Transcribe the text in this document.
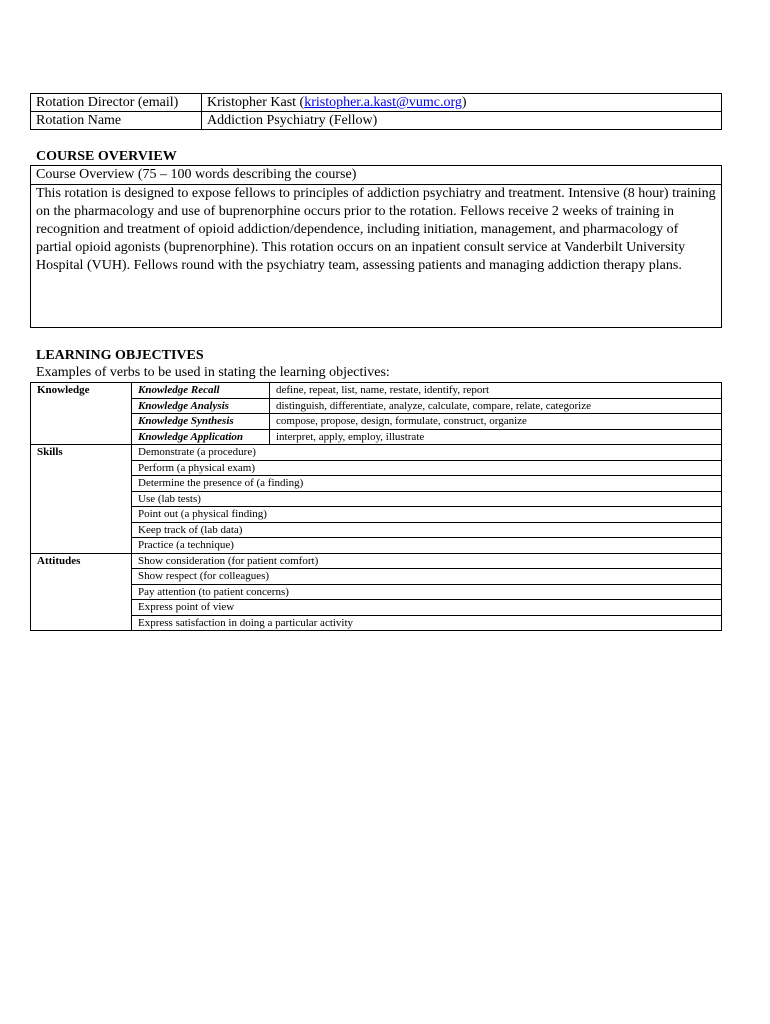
Rotation Director (email)	Kristopher Kast (kristopher.a.kast@vumc.org)
Rotation Name	Addiction Psychiatry (Fellow)
COURSE OVERVIEW
Course Overview (75 – 100 words describing the course)
This rotation is designed to expose fellows to principles of addiction psychiatry and treatment. Intensive (8 hour) training on the pharmacology and use of buprenorphine occurs prior to the rotation. Fellows receive 2 weeks of training in recognition and treatment of opioid addiction/dependence, including initiation, management, and pharmacology of partial opioid agonists (buprenorphine). This rotation occurs on an inpatient consult service at Vanderbilt University Hospital (VUH). Fellows round with the psychiatry team, assessing patients and managing addiction therapy plans.
LEARNING OBJECTIVES
Examples of verbs to be used in stating the learning objectives:
Knowledge	Knowledge Recall	define, repeat, list, name, restate, identify, report
	Knowledge Analysis	distinguish, differentiate, analyze, calculate, compare, relate, categorize
	Knowledge Synthesis	compose, propose, design, formulate, construct, organize
	Knowledge Application	interpret, apply, employ, illustrate
Skills	Demonstrate (a procedure)	
	Perform (a physical exam)	
	Determine the presence of (a finding)	
	Use (lab tests)	
	Point out (a physical finding)	
	Keep track of (lab data)	
	Practice (a technique)	
Attitudes	Show consideration (for patient comfort)	
	Show respect (for colleagues)	
	Pay attention (to patient concerns)	
	Express point of view	
	Express satisfaction in doing a particular activity	
